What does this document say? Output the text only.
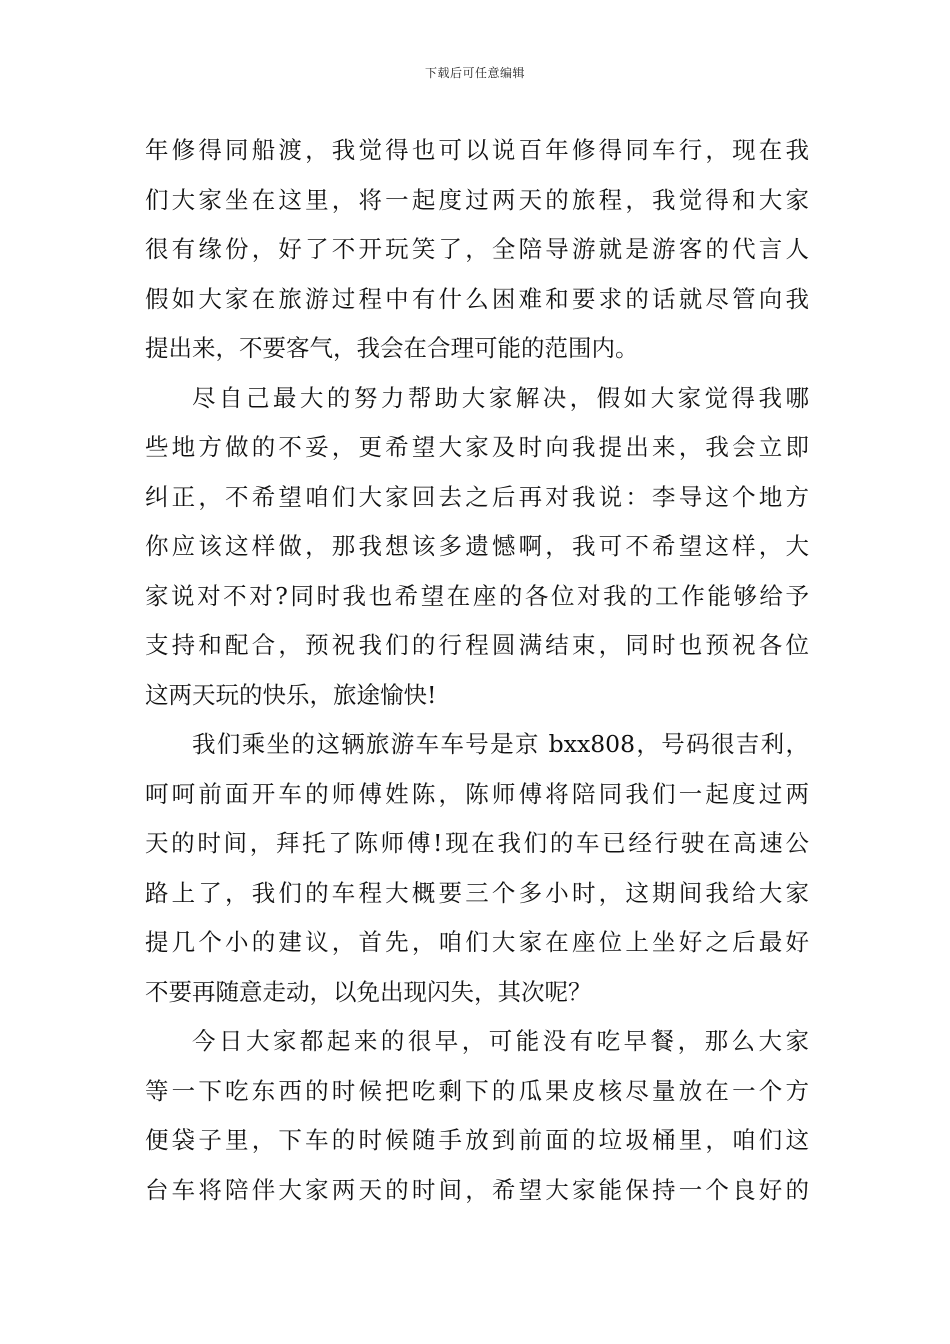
下载后可任意编辑
年修得同船渡，我觉得也可以说百年修得同车行，现在我
们大家坐在这里，将一起度过两天的旅程，我觉得和大家
很有缘份，好了不开玩笑了，全陪导游就是游客的代言人
假如大家在旅游过程中有什么困难和要求的话就尽管向我
提出来，不要客气，我会在合理可能的范围内。
尽自己最大的努力帮助大家解决，假如大家觉得我哪
些地方做的不妥，更希望大家及时向我提出来，我会立即
纠正，不希望咱们大家回去之后再对我说：李导这个地方
你应该这样做，那我想该多遗憾啊，我可不希望这样，大
家说对不对?同时我也希望在座的各位对我的工作能够给予
支持和配合，预祝我们的行程圆满结束，同时也预祝各位
这两天玩的快乐，旅途愉快!
我们乘坐的这辆旅游车车号是京 bxx808，号码很吉利，
呵呵前面开车的师傅姓陈，陈师傅将陪同我们一起度过两
天的时间，拜托了陈师傅!现在我们的车已经行驶在高速公
路上了，我们的车程大概要三个多小时，这期间我给大家
提几个小的建议，首先，咱们大家在座位上坐好之后最好
不要再随意走动，以免出现闪失，其次呢？
今日大家都起来的很早，可能没有吃早餐，那么大家
等一下吃东西的时候把吃剩下的瓜果皮核尽量放在一个方
便袋子里，下车的时候随手放到前面的垃圾桶里，咱们这
台车将陪伴大家两天的时间，希望大家能保持一个良好的
